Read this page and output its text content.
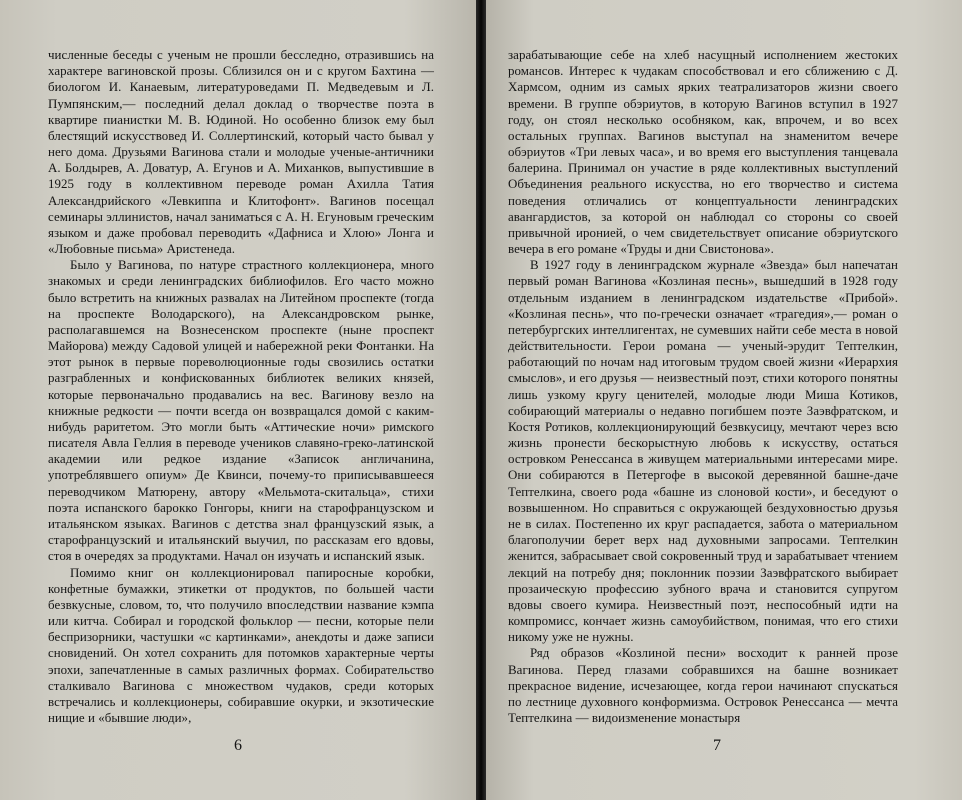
численные беседы с ученым не прошли бесследно, отразившись на характере вагиновской прозы. Сблизился он и с кругом Бахтина — биологом И. Канаевым, литературоведами П. Медведевым и Л. Пумпянским,— последний делал доклад о творчестве поэта в квартире пианистки М. В. Юдиной. Но особенно близок ему был блестящий искусствовед И. Соллертинский, который часто бывал у него дома. Друзьями Вагинова стали и молодые ученые-античники А. Болдырев, А. Доватур, А. Егунов и А. Миханков, выпустившие в 1925 году в коллективном переводе роман Ахилла Татия Александрийского «Левкиппа и Клитофонт». Вагинов посещал семинары эллинистов, начал заниматься с А. Н. Егуновым греческим языком и даже пробовал переводить «Дафниса и Хлою» Лонга и «Любовные письма» Аристенеда.

Было у Вагинова, по натуре страстного коллекционера, много знакомых и среди ленинградских библиофилов. Его часто можно было встретить на книжных развалах на Литейном проспекте (тогда на проспекте Володарского), на Александровском рынке, располагавшемся на Вознесенском проспекте (ныне проспект Майорова) между Садовой улицей и набережной реки Фонтанки. На этот рынок в первые пореволюционные годы свозились остатки разграбленных и конфискованных библиотек великих князей, которые первоначально продавались на вес. Вагинову везло на книжные редкости — почти всегда он возвращался домой с каким-нибудь раритетом. Это могли быть «Аттические ночи» римского писателя Авла Геллия в переводе учеников славяно-греко-латинской академии или редкое издание «Записок англичанина, употреблявшего опиум» Де Квинси, почему-то приписывавшееся переводчиком Матюрену, автору «Мельмота-скитальца», стихи поэта испанского барокко Гонгоры, книги на старофранцузском и итальянском языках. Вагинов с детства знал французский язык, а старофранцузский и итальянский выучил, по рассказам его вдовы, стоя в очередях за продуктами. Начал он изучать и испанский язык.

Помимо книг он коллекционировал папиросные коробки, конфетные бумажки, этикетки от продуктов, по большей части безвкусные, словом, то, что получило впоследствии название кэмпа или китча. Собирал и городской фольклор — песни, которые пели беспризорники, частушки «с картинками», анекдоты и даже записи сновидений. Он хотел сохранить для потомков характерные черты эпохи, запечатленные в самых различных формах. Собирательство сталкивало Вагинова с множеством чудаков, среди которых встречались и коллекционеры, собиравшие окурки, и экзотические нищие и «бывшие люди»,

6

зарабатывающие себе на хлеб насущный исполнением жестоких романсов. Интерес к чудакам способствовал и его сближению с Д. Хармсом, одним из самых ярких театрализаторов жизни своего времени. В группе обэриутов, в которую Вагинов вступил в 1927 году, он стоял несколько особняком, как, впрочем, и во всех остальных группах. Вагинов выступал на знаменитом вечере обэриутов «Три левых часа», и во время его выступления танцевала балерина. Принимал он участие в ряде коллективных выступлений Объединения реального искусства, но его творчество и система поведения отличались от концептуальности ленинградских авангардистов, за которой он наблюдал со стороны со своей привычной иронией, о чем свидетельствует описание обэриутского вечера в его романе «Труды и дни Свистонова».

В 1927 году в ленинградском журнале «Звезда» был напечатан первый роман Вагинова «Козлиная песнь», вышедший в 1928 году отдельным изданием в ленинградском издательстве «Прибой». «Козлиная песнь», что по-гречески означает «трагедия»,— роман о петербургских интеллигентах, не сумевших найти себе места в новой действительности. Герои романа — ученый-эрудит Тептелкин, работающий по ночам над итоговым трудом своей жизни «Иерархия смыслов», и его друзья — неизвестный поэт, стихи которого понятны лишь узкому кругу ценителей, молодые люди Миша Котиков, собирающий материалы о недавно погибшем поэте Заэвфратском, и Костя Ротиков, коллекционирующий безвкусицу, мечтают через всю жизнь пронести бескорыстную любовь к искусству, остаться островком Ренессанса в живущем материальными интересами мире. Они собираются в Петергофе в высокой деревянной башне-даче Тептелкина, своего рода «башне из слоновой кости», и беседуют о возвышенном. Но справиться с окружающей бездуховностью друзья не в силах. Постепенно их круг распадается, забота о материальном благополучии берет верх над духовными запросами. Тептелкин женится, забрасывает свой сокровенный труд и зарабатывает чтением лекций на потребу дня; поклонник поэзии Заэвфратского выбирает прозаическую профессию зубного врача и становится супругом вдовы своего кумира. Неизвестный поэт, неспособный идти на компромисс, кончает жизнь самоубийством, понимая, что его стихи никому уже не нужны.

Ряд образов «Козлиной песни» восходит к ранней прозе Вагинова. Перед глазами собравшихся на башне возникает прекрасное видение, исчезающее, когда герои начинают спускаться по лестнице духовного конформизма. Островок Ренессанса — мечта Тептелкина — видоизменение монастыря

7
